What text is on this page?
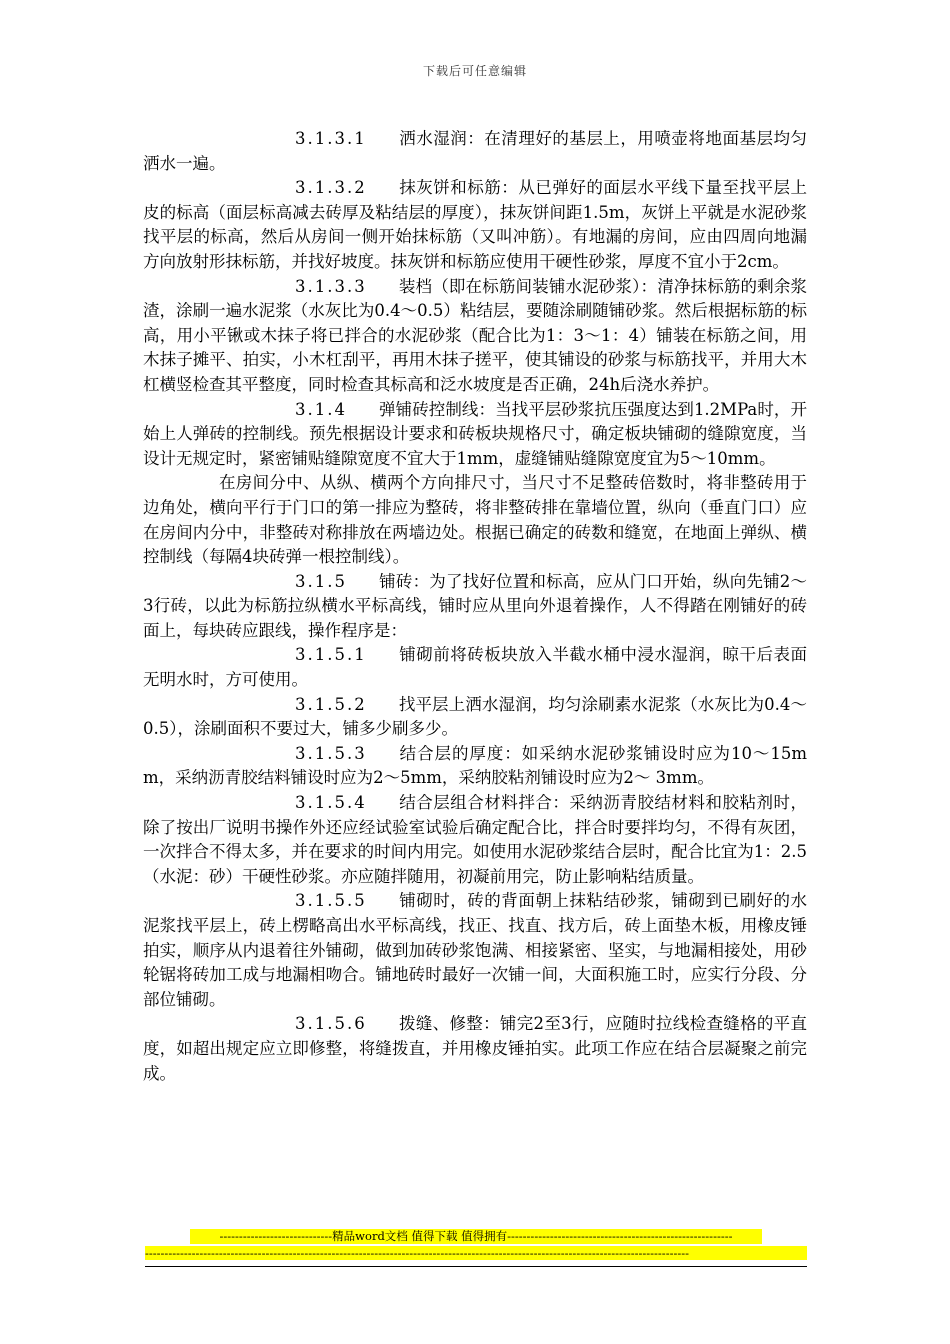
下载后可任意编辑

3.1.3.1 洒水湿润：在清理好的基层上，用喷壶将地面基层均匀洒水一遍。

3.1.3.2 抹灰饼和标筋：从已弹好的面层水平线下量至找平层上皮的标高（面层标高减去砖厚及粘结层的厚度），抹灰饼间距1.5m，灰饼上平就是水泥砂浆找平层的标高，然后从房间一侧开始抹标筋（又叫冲筋）。有地漏的房间，应由四周向地漏方向放射形抹标筋，并找好坡度。抹灰饼和标筋应使用干硬性砂浆，厚度不宜小于2cm。

3.1.3.3 装档（即在标筋间装铺水泥砂浆）：清净抹标筋的剩余浆渣，涂刷一遍水泥浆（水灰比为0.4～0.5）粘结层，要随涂刷随铺砂浆。然后根据标筋的标高，用小平锹或木抹子将已拌合的水泥砂浆（配合比为1：3～1：4）铺装在标筋之间，用木抹子摊平、拍实，小木杠刮平，再用木抹子搓平，使其铺设的砂浆与标筋找平，并用大木杠横竖检查其平整度，同时检查其标高和泛水坡度是否正确，24h后浇水养护。

3.1.4 弹铺砖控制线：当找平层砂浆抗压强度达到1.2MPa时，开始上人弹砖的控制线。预先根据设计要求和砖板块规格尺寸，确定板块铺砌的缝隙宽度，当设计无规定时，紧密铺贴缝隙宽度不宜大于1mm，虚缝铺贴缝隙宽度宜为5～10mm。

在房间分中、从纵、横两个方向排尺寸，当尺寸不足整砖倍数时，将非整砖用于边角处，横向平行于门口的第一排应为整砖，将非整砖排在靠墙位置，纵向（垂直门口）应在房间内分中，非整砖对称排放在两墙边处。根据已确定的砖数和缝宽，在地面上弹纵、横控制线（每隔4块砖弹一根控制线）。

3.1.5 铺砖：为了找好位置和标高，应从门口开始，纵向先铺2～3行砖，以此为标筋拉纵横水平标高线，铺时应从里向外退着操作，人不得踏在刚铺好的砖面上，每块砖应跟线，操作程序是：

3.1.5.1 铺砌前将砖板块放入半截水桶中浸水湿润，晾干后表面无明水时，方可使用。

3.1.5.2 找平层上洒水湿润，均匀涂刷素水泥浆（水灰比为0.4～0.5），涂刷面积不要过大，铺多少刷多少。

3.1.5.3 结合层的厚度：如采纳水泥砂浆铺设时应为10～15mm，采纳沥青胶结料铺设时应为2～5mm，采纳胶粘剂铺设时应为2～ 3mm。

3.1.5.4 结合层组合材料拌合：采纳沥青胶结材料和胶粘剂时，除了按出厂说明书操作外还应经试验室试验后确定配合比，拌合时要拌均匀，不得有灰团，一次拌合不得太多，并在要求的时间内用完。如使用水泥砂浆结合层时，配合比宜为1：2.5（水泥：砂）干硬性砂浆。亦应随拌随用，初凝前用完，防止影响粘结质量。

3.1.5.5 铺砌时，砖的背面朝上抹粘结砂浆，铺砌到已刷好的水泥浆找平层上，砖上楞略高出水平标高线，找正、找直、找方后，砖上面垫木板，用橡皮锤拍实，顺序从内退着往外铺砌，做到加砖砂浆饱满、相接紧密、坚实，与地漏相接处，用砂轮锯将砖加工成与地漏相吻合。铺地砖时最好一次铺一间，大面积施工时，应实行分段、分部位铺砌。

3.1.5.6 拨缝、修整：铺完2至3行，应随时拉线检查缝格的平直度，如超出规定应立即修整，将缝拨直，并用橡皮锤拍实。此项工作应在结合层凝聚之前完成。

-----------------------------精品word文档 值得下载 值得拥有----------------------------------------------------------
--------------------------------------------------------------------------------------------------------------------------------------------
